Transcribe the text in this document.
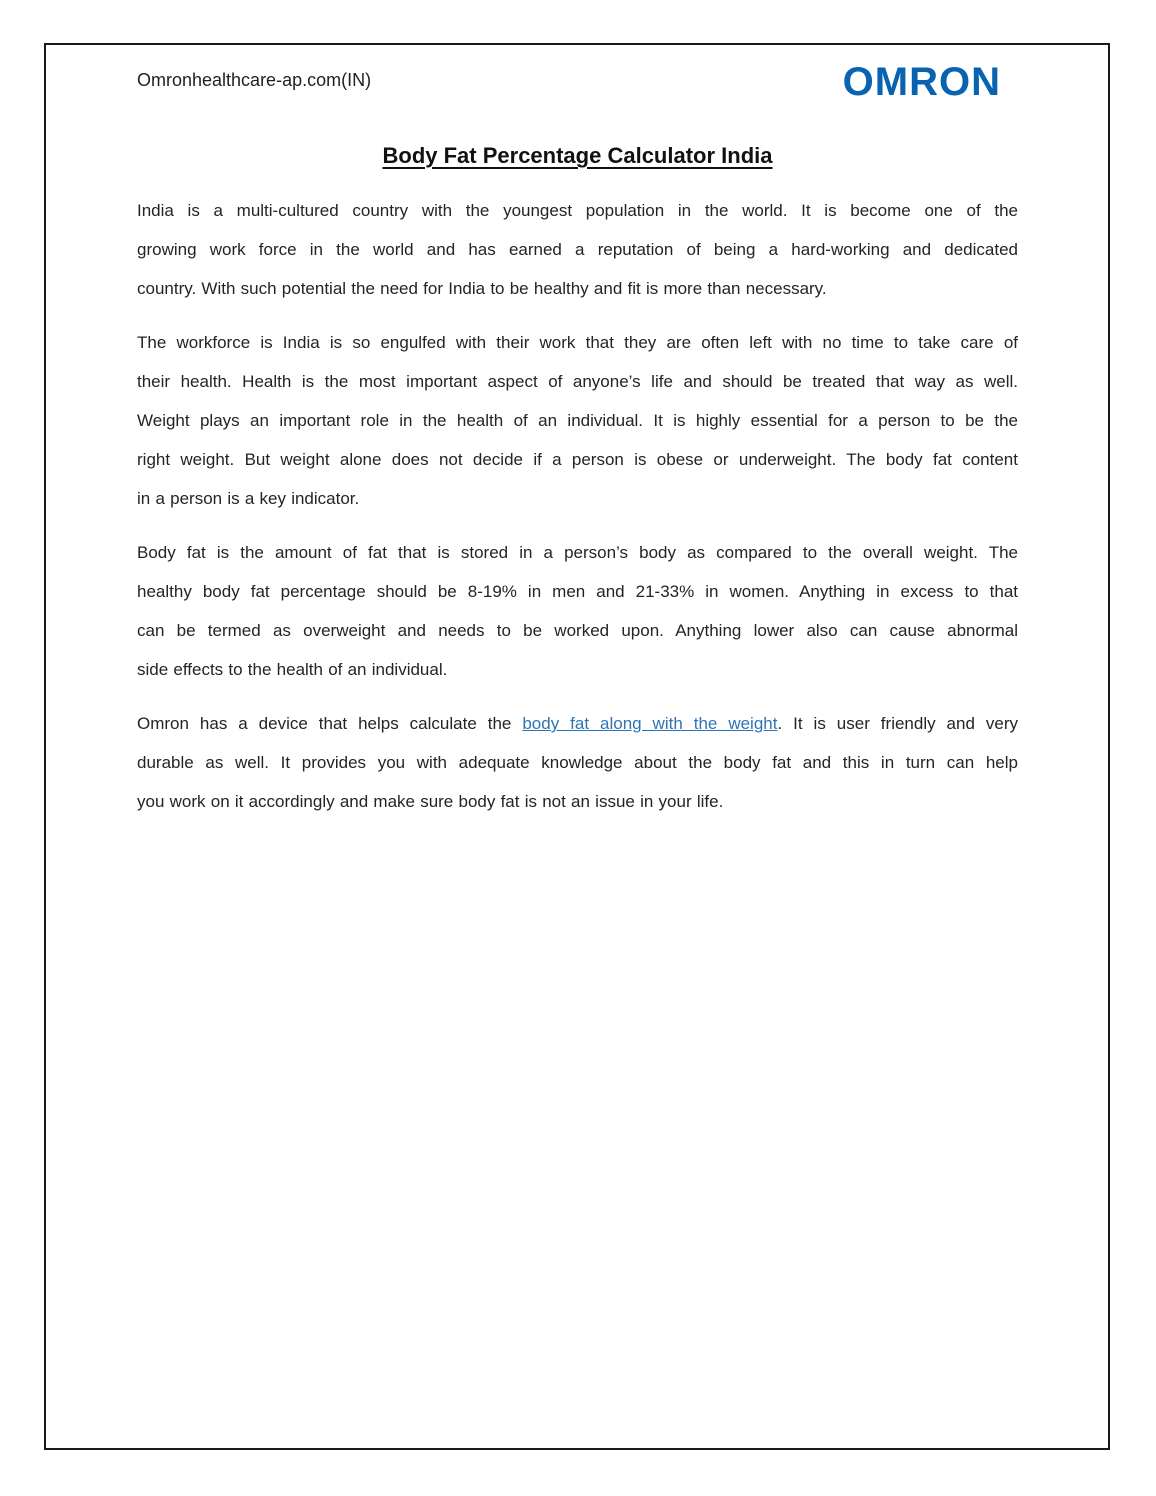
Omronhealthcare-ap.com(IN)	OMRON
Body Fat Percentage Calculator India
India is a multi-cultured country with the youngest population in the world. It is become one of the
growing work force in the world and has earned a reputation of being a hard-working and dedicated
country. With such potential the need for India to be healthy and fit is more than necessary.
The workforce is India is so engulfed with their work that they are often left with no time to take care of
their health. Health is the most important aspect of anyone’s life and should be treated that way as well.
Weight plays an important role in the health of an individual. It is highly essential for a person to be the
right weight. But weight alone does not decide if a person is obese or underweight. The body fat content
in a person is a key indicator.
Body fat is the amount of fat that is stored in a person’s body as compared to the overall weight. The
healthy body fat percentage should be 8-19% in men and 21-33% in women. Anything in excess to that
can be termed as overweight and needs to be worked upon. Anything lower also can cause abnormal
side effects to the health of an individual.
Omron has a device that helps calculate the body fat along with the weight. It is user friendly and very
durable as well. It provides you with adequate knowledge about the body fat and this in turn can help
you work on it accordingly and make sure body fat is not an issue in your life.
